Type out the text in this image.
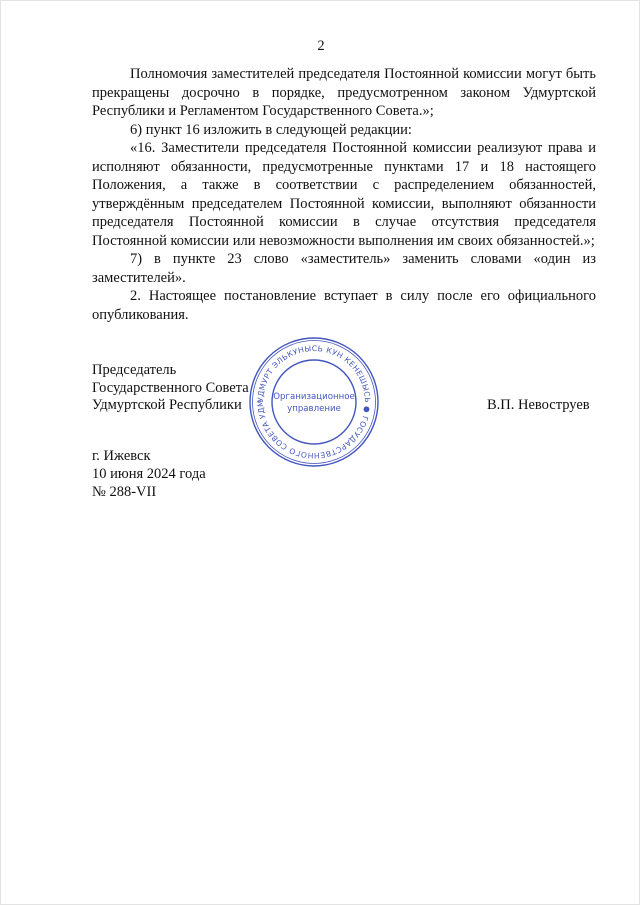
2

Полномочия заместителей председателя Постоянной комиссии могут быть прекращены досрочно в порядке, предусмотренном законом Удмуртской Республики и Регламентом Государственного Совета.»;

6) пункт 16 изложить в следующей редакции:

«16. Заместители председателя Постоянной комиссии реализуют права и исполняют обязанности, предусмотренные пунктами 17 и 18 настоящего Положения, а также в соответствии с распределением обязанностей, утверждённым председателем Постоянной комиссии, выполняют обязанности председателя Постоянной комиссии в случае отсутствия председателя Постоянной комиссии или невозможности выполнения им своих обязанностей.»;

7) в пункте 23 слово «заместитель» заменить словами «один из заместителей».

2. Настоящее постановление вступает в силу после его официального опубликования.

Председатель
Государственного Совета
Удмуртской Республики	В.П. Невоструев
г. Ижевск
10 июня 2024 года
№ 288-VII
УДМУРТ ЭЛЬКУНЫСЬ КУН КЕНЕШЫСЬ ● ГОСУДАРСТВЕННОГО СОВЕТА УДМ
Организационное
управление
